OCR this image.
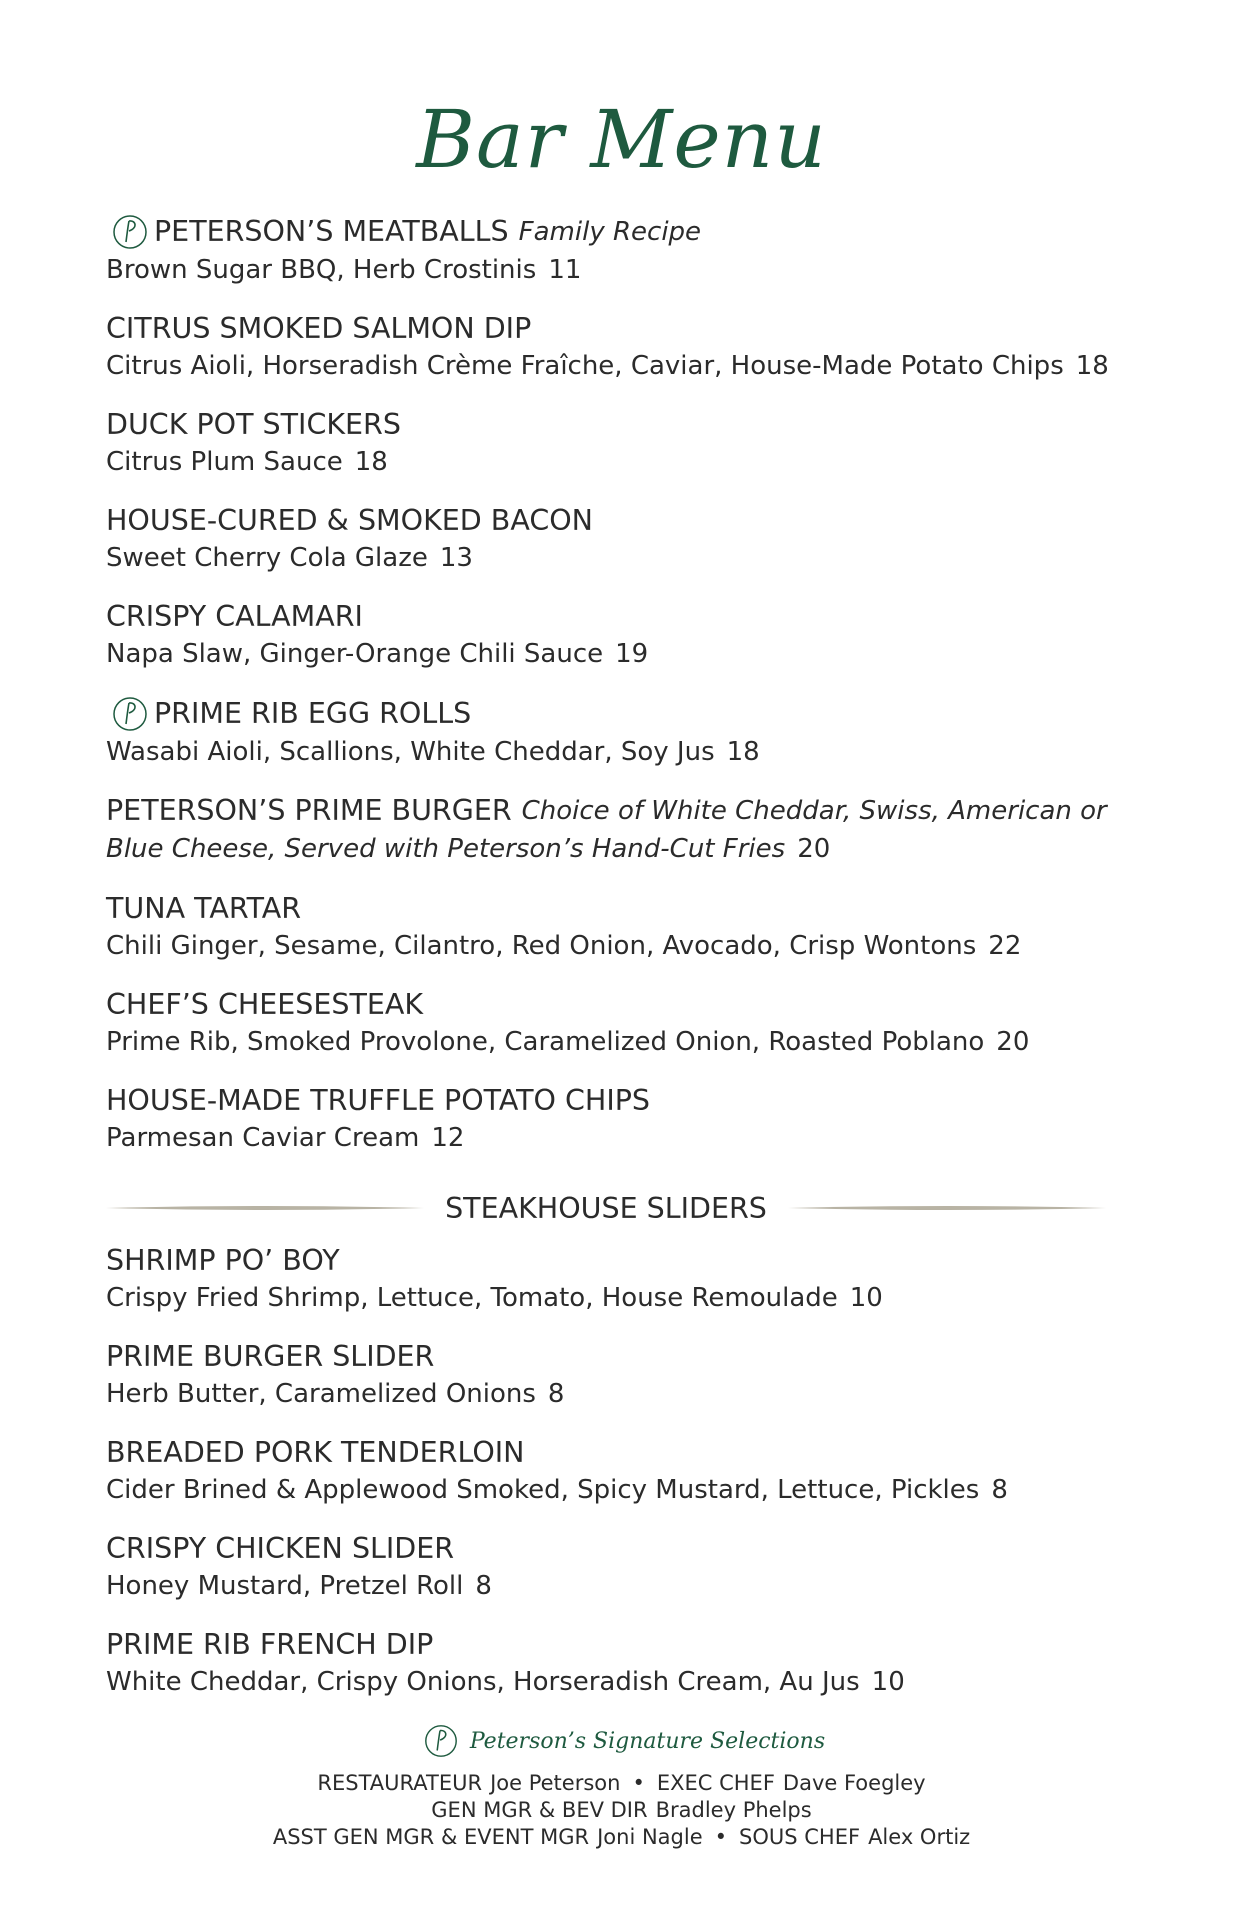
Bar Menu
PETERSON’S MEATBALLS Family Recipe
Brown Sugar BBQ, Herb Crostinis 11
CITRUS SMOKED SALMON DIP
Citrus Aioli, Horseradish Crème Fraîche, Caviar, House-Made Potato Chips 18
DUCK POT STICKERS
Citrus Plum Sauce 18
HOUSE-CURED & SMOKED BACON
Sweet Cherry Cola Glaze 13
CRISPY CALAMARI
Napa Slaw, Ginger-Orange Chili Sauce 19
PRIME RIB EGG ROLLS
Wasabi Aioli, Scallions, White Cheddar, Soy Jus 18
PETERSON’S PRIME BURGER Choice of White Cheddar, Swiss, American or
Blue Cheese, Served with Peterson’s Hand-Cut Fries 20
TUNA TARTAR
Chili Ginger, Sesame, Cilantro, Red Onion, Avocado, Crisp Wontons 22
CHEF’S CHEESESTEAK
Prime Rib, Smoked Provolone, Caramelized Onion, Roasted Poblano 20
HOUSE-MADE TRUFFLE POTATO CHIPS
Parmesan Caviar Cream 12
STEAKHOUSE SLIDERS
SHRIMP PO’ BOY
Crispy Fried Shrimp, Lettuce, Tomato, House Remoulade 10
PRIME BURGER SLIDER
Herb Butter, Caramelized Onions 8
BREADED PORK TENDERLOIN
Cider Brined & Applewood Smoked, Spicy Mustard, Lettuce, Pickles 8
CRISPY CHICKEN SLIDER
Honey Mustard, Pretzel Roll 8
PRIME RIB FRENCH DIP
White Cheddar, Crispy Onions, Horseradish Cream, Au Jus 10
Peterson’s Signature Selections
RESTAURATEUR Joe Peterson • EXEC CHEF Dave Foegley
GEN MGR & BEV DIR Bradley Phelps
ASST GEN MGR & EVENT MGR Joni Nagle • SOUS CHEF Alex Ortiz
